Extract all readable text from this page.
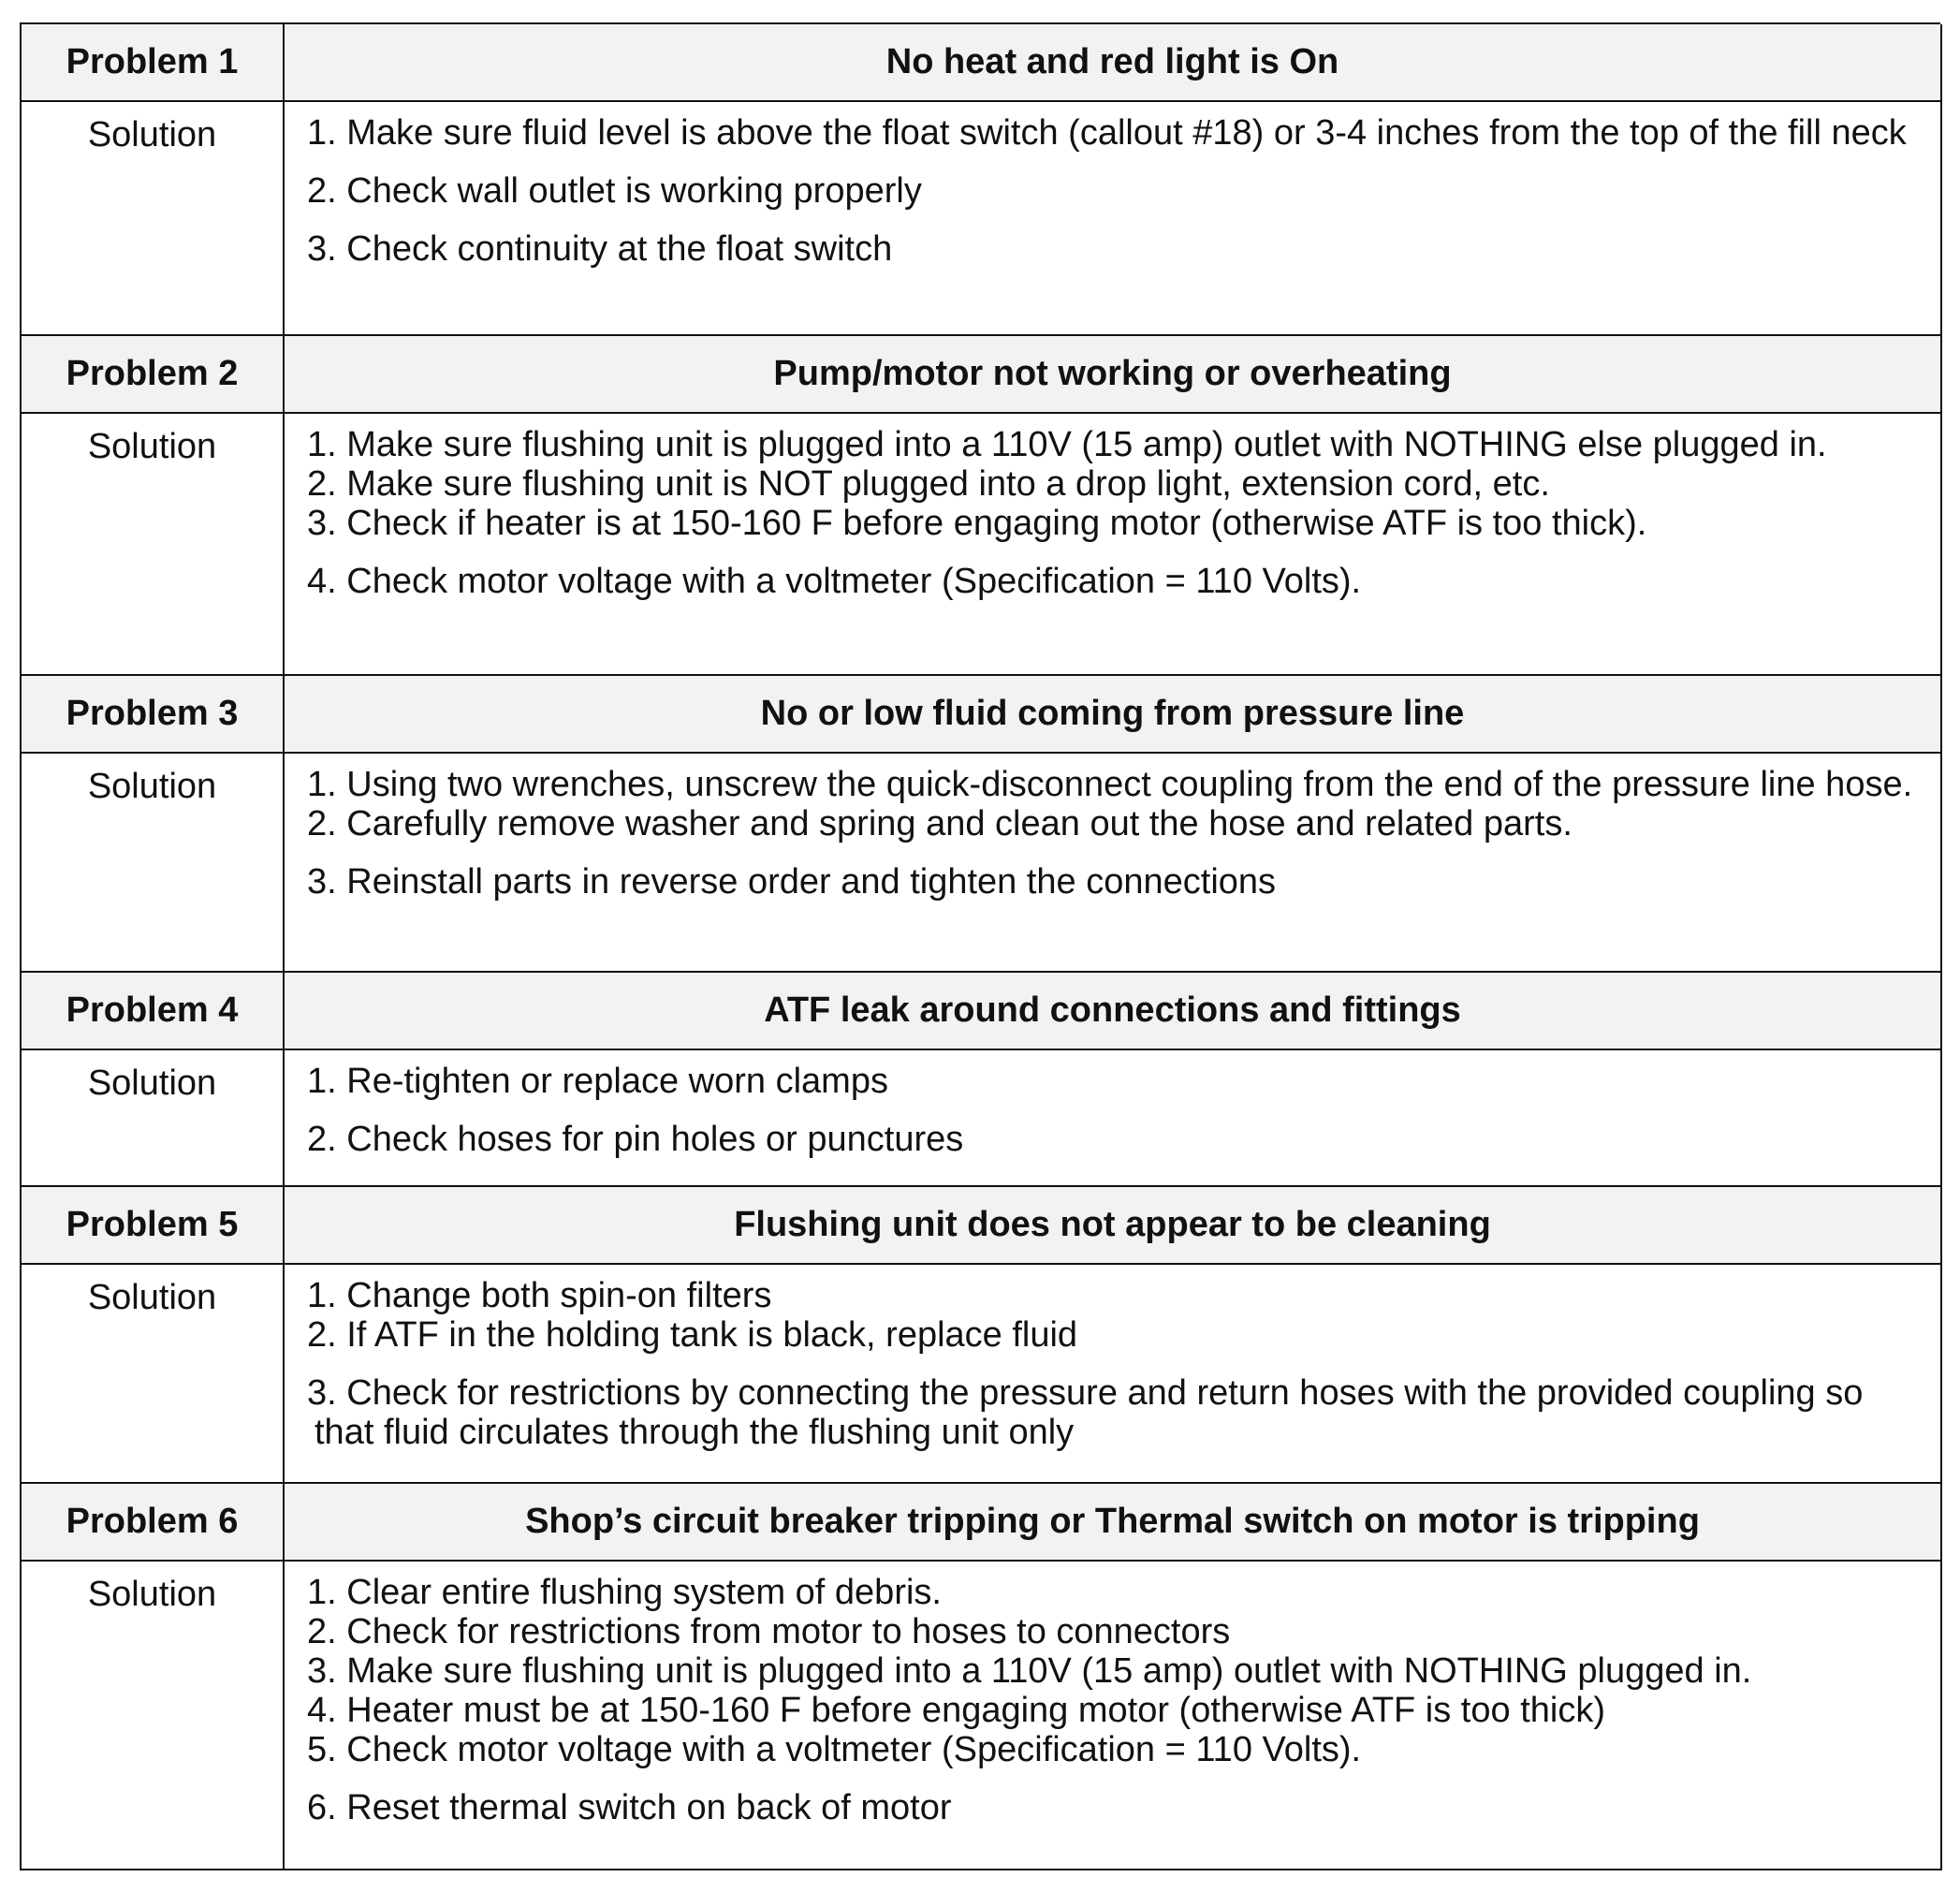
Problem 1	No heat and red light is On
Solution	1. Make sure fluid level is above the float switch (callout #18) or 3-4 inches from the top of the fill neck
2. Check wall outlet is working properly
3. Check continuity at the float switch
Problem 2	Pump/motor not working or overheating
Solution	1. Make sure flushing unit is plugged into a 110V (15 amp) outlet with NOTHING else plugged in.
2. Make sure flushing unit is NOT plugged into a drop light, extension cord, etc.
3. Check if heater is at 150-160 F before engaging motor (otherwise ATF is too thick).
4. Check motor voltage with a voltmeter (Specification = 110 Volts).
Problem 3	No or low fluid coming from pressure line
Solution	1. Using two wrenches, unscrew the quick-disconnect coupling from the end of the pressure line hose.
2. Carefully remove washer and spring and clean out the hose and related parts.
3. Reinstall parts in reverse order and tighten the connections
Problem 4	ATF leak around connections and fittings
Solution	1. Re-tighten or replace worn clamps
2. Check hoses for pin holes or punctures
Problem 5	Flushing unit does not appear to be cleaning
Solution	1. Change both spin-on filters
2. If ATF in the holding tank is black, replace fluid
3. Check for restrictions by connecting the pressure and return hoses with the provided coupling so that fluid circulates through the flushing unit only
Problem 6	Shop’s circuit breaker tripping or Thermal switch on motor is tripping
Solution	1. Clear entire flushing system of debris.
2. Check for restrictions from motor to hoses to connectors
3. Make sure flushing unit is plugged into a 110V (15 amp) outlet with NOTHING plugged in.
4. Heater must be at 150-160 F before engaging motor (otherwise ATF is too thick)
5. Check motor voltage with a voltmeter (Specification = 110 Volts).
6. Reset thermal switch on back of motor
